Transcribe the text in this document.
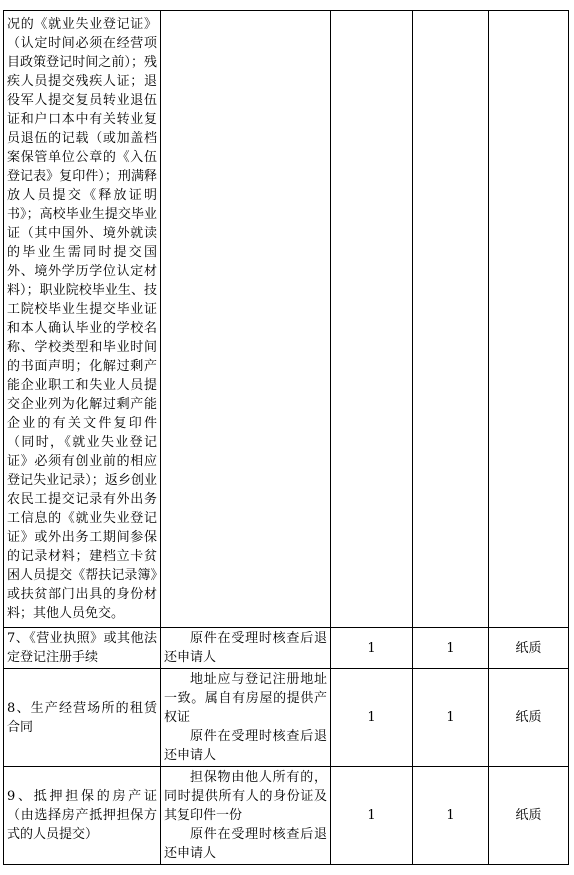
况的《就业失业登记证》（认定时间必须在经营项目政策登记时间之前）；残疾人员提交残疾人证；退役军人提交复员转业退伍证和户口本中有关转业复员退伍的记载（或加盖档案保管单位公章的《入伍登记表》复印件）；刑满释放人员提交《释放证明书》；高校毕业生提交毕业证（其中国外、境外就读的毕业生需同时提交国外、境外学历学位认定材料）；职业院校毕业生、技工院校毕业生提交毕业证和本人确认毕业的学校名称、学校类型和毕业时间的书面声明；化解过剩产能企业职工和失业人员提交企业列为化解过剩产能企业的有关文件复印件（同时，《就业失业登记证》必须有创业前的相应登记失业记录）；返乡创业农民工提交记录有外出务工信息的《就业失业登记证》或外出务工期间参保的记录材料；建档立卡贫困人员提交《帮扶记录簿》或扶贫部门出具的身份材料；其他人员免交。				
7、《营业执照》或其他法定登记注册手续	原件在受理时核查后退还申请人	1	1	纸质
8、生产经营场所的租赁合同	地址应与登记注册地址一致。属自有房屋的提供产权证
原件在受理时核查后退还申请人	1	1	纸质
9、抵押担保的房产证（由选择房产抵押担保方式的人员提交）	担保物由他人所有的，同时提供所有人的身份证及其复印件一份
原件在受理时核查后退还申请人	1	1	纸质
